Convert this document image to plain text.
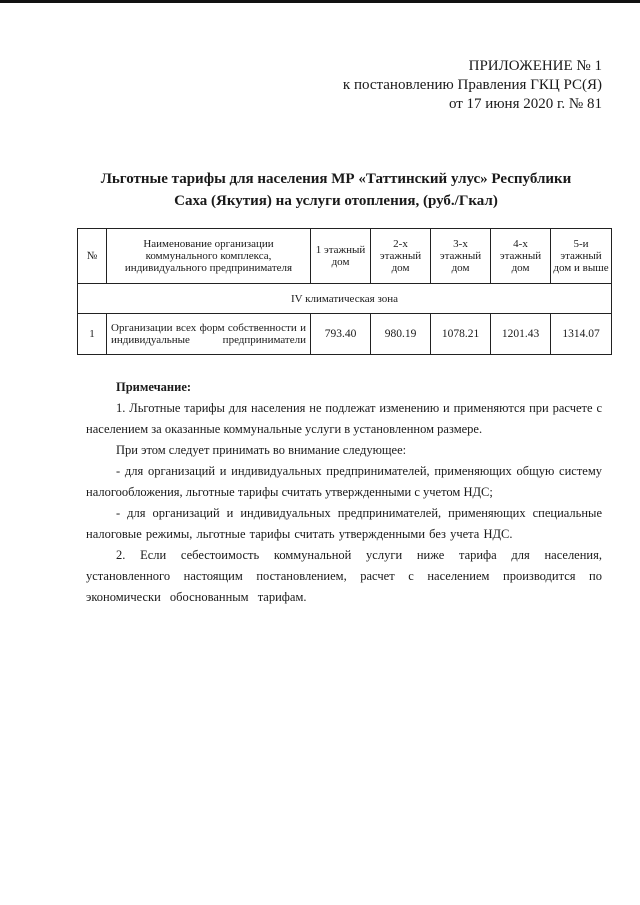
ПРИЛОЖЕНИЕ № 1
к постановлению Правления ГКЦ РС(Я)
от 17 июня 2020 г. № 81
Льготные тарифы для населения МР «Таттинский улус» Республики
Саха (Якутия) на услуги отопления, (руб./Гкал)
№	Наименование организации коммунального комплекса, индивидуального предпринимателя	1 этажный дом	2-х этажный дом	3-х этажный дом	4-х этажный дом	5-и этажный дом и выше
IV климатическая зона						
1	Организации всех форм собственности и индивидуальные предприниматели	793.40	980.19	1078.21	1201.43	1314.07

Примечание:

1. Льготные тарифы для населения не подлежат изменению и применяются при расчете с населением за оказанные коммунальные услуги в установленном размере.

При этом следует принимать во внимание следующее:

- для организаций и индивидуальных предпринимателей, применяющих общую систему налогообложения, льготные тарифы считать утвержденными с учетом НДС;

- для организаций и индивидуальных предпринимателей, применяющих специальные налоговые режимы, льготные тарифы считать утвержденными без учета НДС.

2. Если себестоимость коммунальной услуги ниже тарифа для населения, установленного настоящим постановлением, расчет с населением производится по экономически обоснованным тарифам.
